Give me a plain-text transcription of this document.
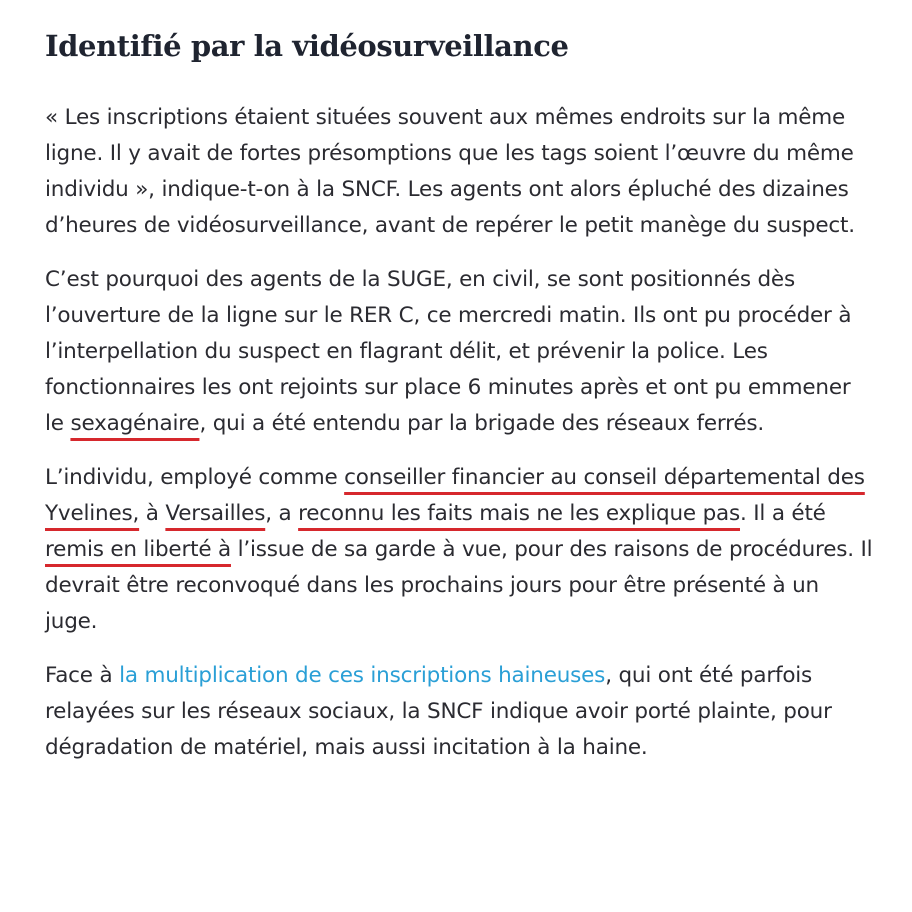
Identifié par la vidéosurveillance

« Les inscriptions étaient situées souvent aux mêmes endroits sur la même ligne. Il y avait de fortes présomptions que les tags soient l’œuvre du même individu », indique-t-on à la SNCF. Les agents ont alors épluché des dizaines d’heures de vidéosurveillance, avant de repérer le petit manège du suspect.

C’est pourquoi des agents de la SUGE, en civil, se sont positionnés dès l’ouverture de la ligne sur le RER C, ce mercredi matin. Ils ont pu procéder à l’interpellation du suspect en flagrant délit, et prévenir la police. Les fonctionnaires les ont rejoints sur place 6 minutes après et ont pu emmener le sexagénaire, qui a été entendu par la brigade des réseaux ferrés.

L’individu, employé comme conseiller financier au conseil départemental des Yvelines, à Versailles, a reconnu les faits mais ne les explique pas. Il a été remis en liberté à l’issue de sa garde à vue, pour des raisons de procédures. Il devrait être reconvoqué dans les prochains jours pour être présenté à un juge.

Face à la multiplication de ces inscriptions haineuses, qui ont été parfois relayées sur les réseaux sociaux, la SNCF indique avoir porté plainte, pour dégradation de matériel, mais aussi incitation à la haine.
